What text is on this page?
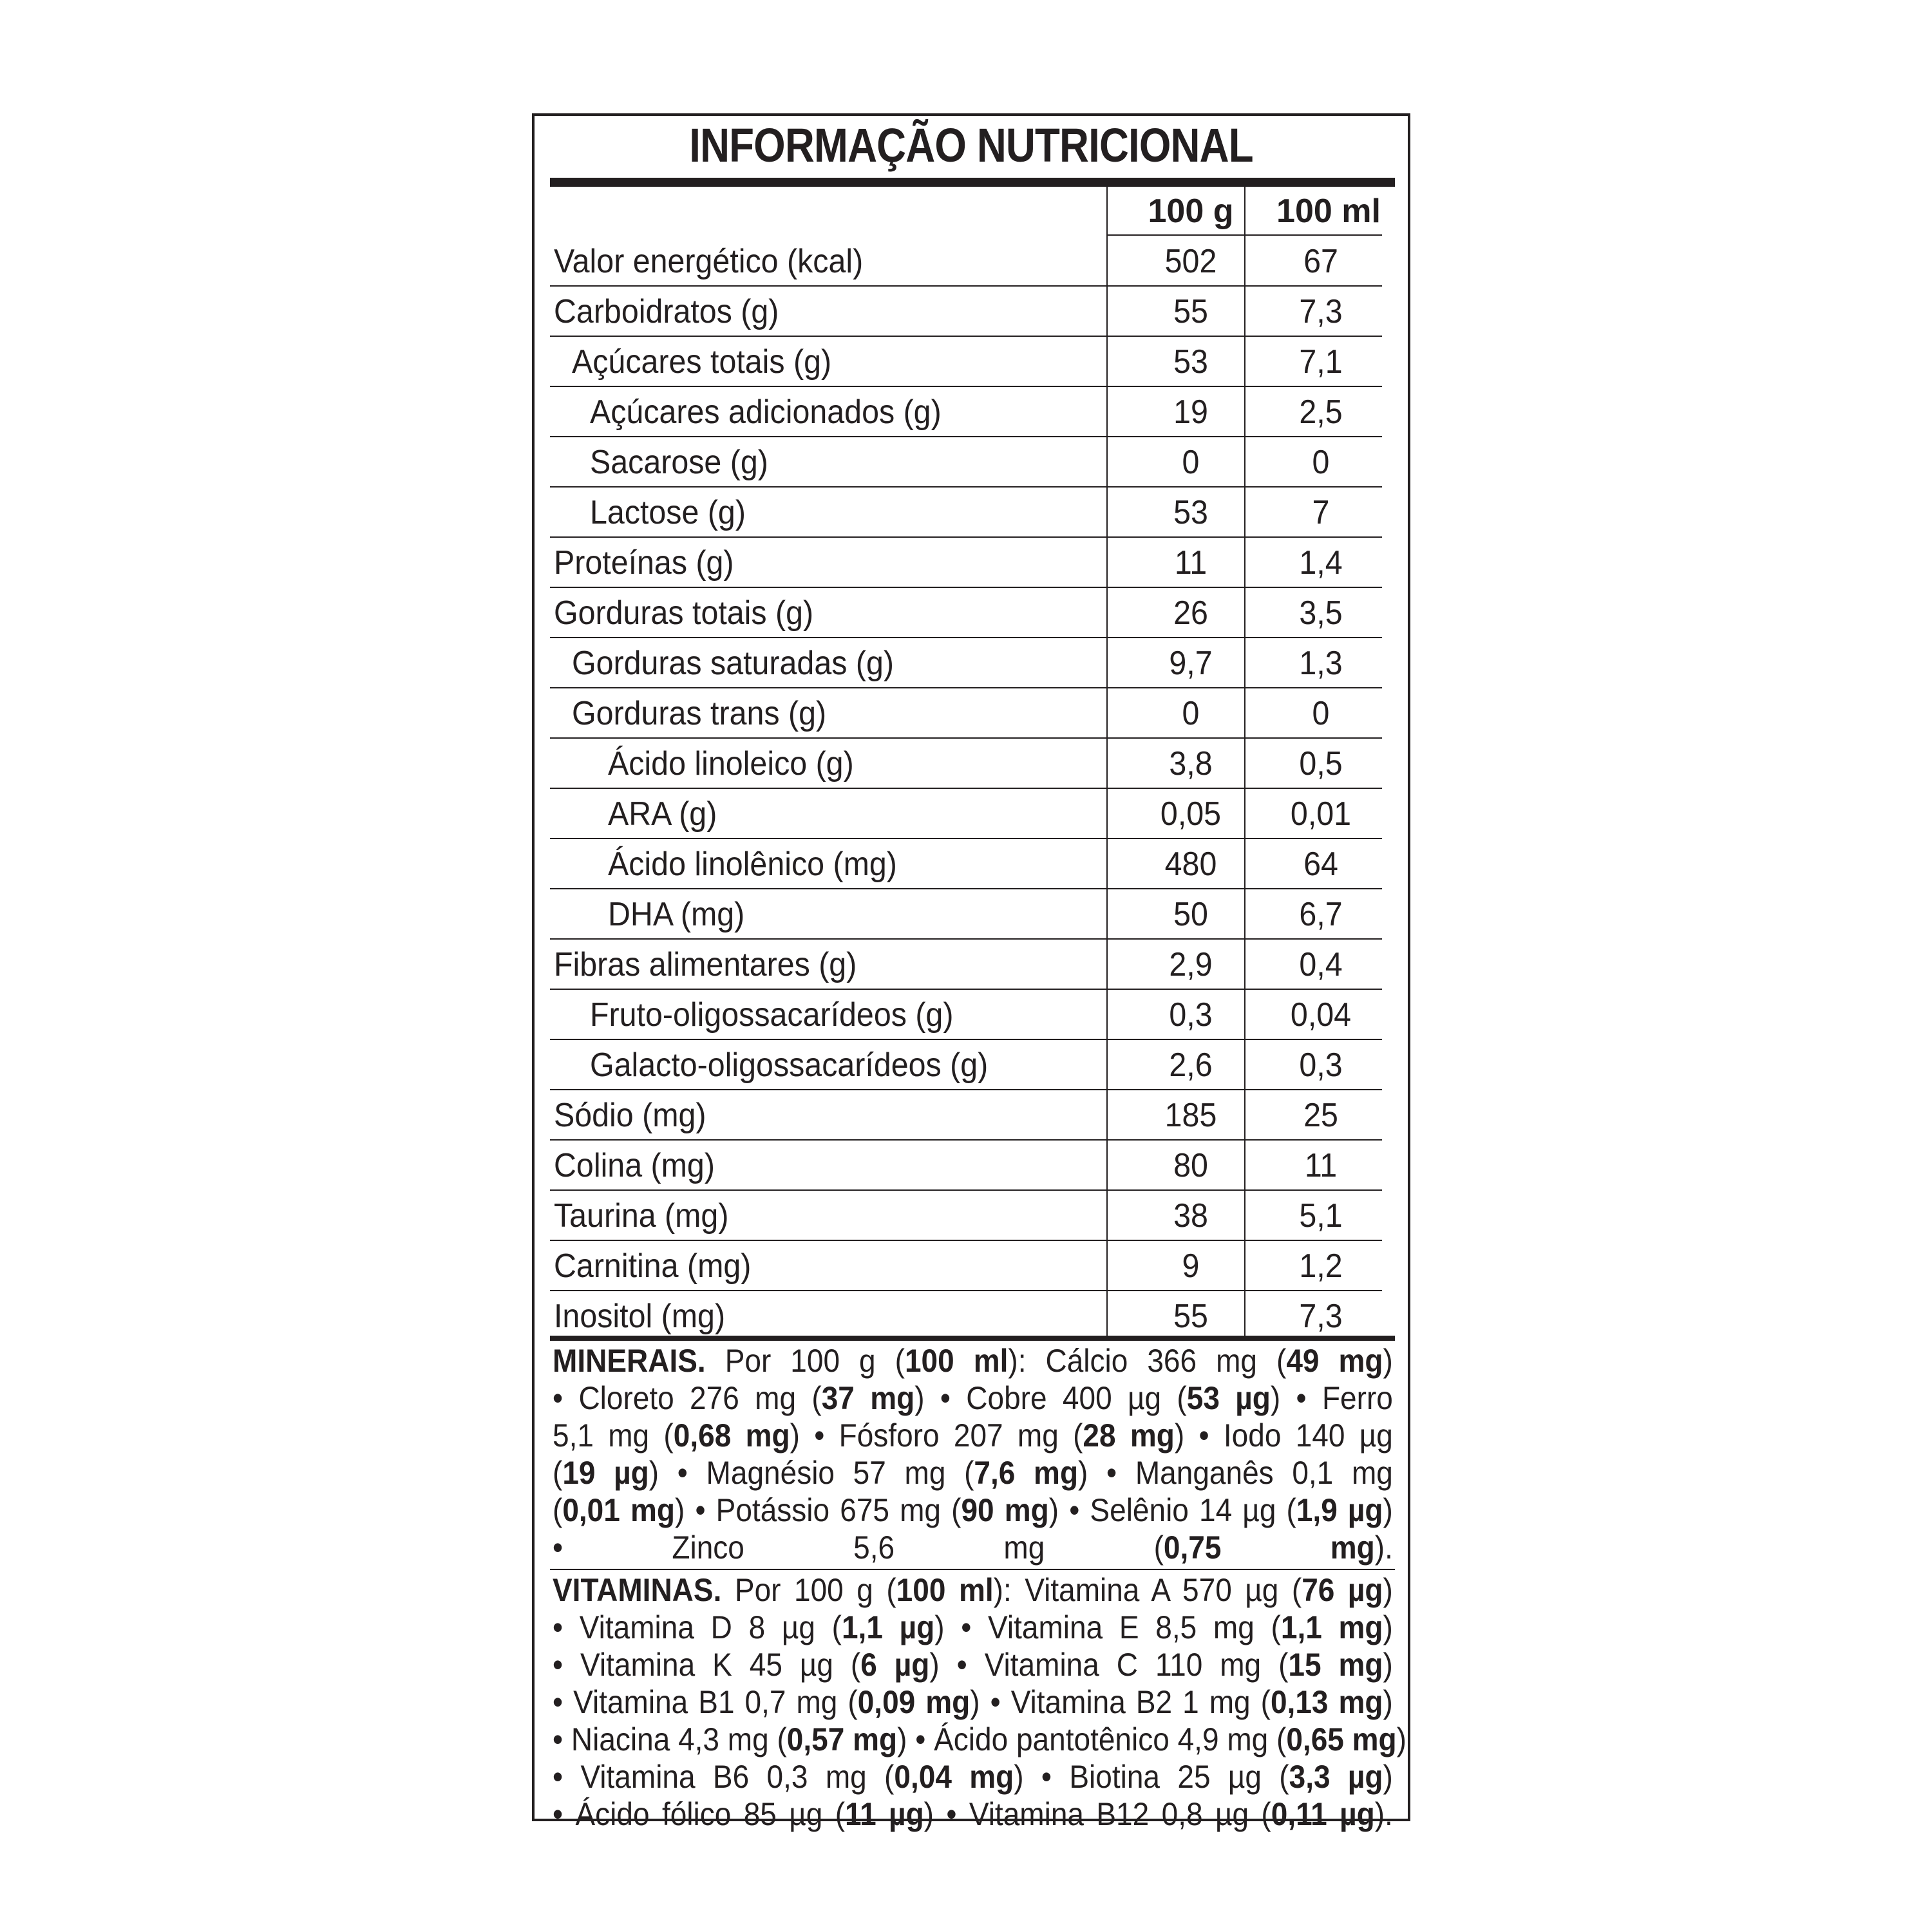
INFORMAÇÃO NUTRICIONAL
100 g	100 ml
Valor energético (kcal)	502	67
Carboidratos (g)	55	7,3
Açúcares totais (g)	53	7,1
Açúcares adicionados (g)	19	2,5
Sacarose (g)	0	0
Lactose (g)	53	7
Proteínas (g)	11	1,4
Gorduras totais (g)	26	3,5
Gorduras saturadas (g)	9,7	1,3
Gorduras trans (g)	0	0
Ácido linoleico (g)	3,8	0,5
ARA (g)	0,05	0,01
Ácido linolênico (mg)	480	64
DHA (mg)	50	6,7
Fibras alimentares (g)	2,9	0,4
Fruto-oligossacarídeos (g)	0,3	0,04
Galacto-oligossacarídeos (g)	2,6	0,3
Sódio (mg)	185	25
Colina (mg)	80	11
Taurina (mg)	38	5,1
Carnitina (mg)	9	1,2
Inositol (mg)	55	7,3
MINERAIS. Por 100 g (100 ml): Cálcio 366 mg (49 mg)
• Cloreto 276 mg (37 mg) • Cobre 400 µg (53 µg) • Ferro
5,1 mg (0,68 mg) • Fósforo 207 mg (28 mg) • Iodo 140 µg
(19 µg) • Magnésio 57 mg (7,6 mg) • Manganês 0,1 mg
(0,01 mg) • Potássio 675 mg (90 mg) • Selênio 14 µg (1,9 µg)
• Zinco 5,6 mg (0,75 mg).
VITAMINAS. Por 100 g (100 ml): Vitamina A 570 µg (76 µg)
• Vitamina D 8 µg (1,1 µg) • Vitamina E 8,5 mg (1,1 mg)
• Vitamina K 45 µg (6 µg) • Vitamina C 110 mg (15 mg)
• Vitamina B1 0,7 mg (0,09 mg) • Vitamina B2 1 mg (0,13 mg)
• Niacina 4,3 mg (0,57 mg) • Ácido pantotênico 4,9 mg (0,65 mg)
• Vitamina B6 0,3 mg (0,04 mg) • Biotina 25 µg (3,3 µg)
• Ácido fólico 85 µg (11 µg) • Vitamina B12 0,8 µg (0,11 µg).
